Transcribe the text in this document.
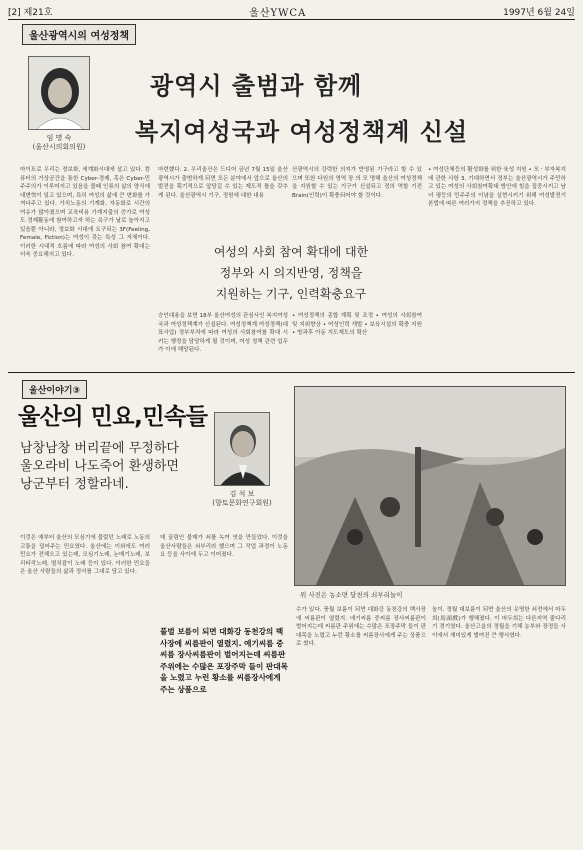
[2] 제21호	울산YWCA	1997년 6월 24일
울산광역시의 여성정책
임 명 숙
(울산시의회의원)
광역시 출범과 함께
복지여성국과 여성정책계 신설
마이트로 우리는 정보화, 세계화시대에 살고 있다. 컴퓨터의 가상공간을 통한 Cyber-경제, 혹은 Cyber-민주주의가 이루어지고 있음을 볼때 인류의 삶의 양식에 대변혁이 일고 있으며, 특히 여성의 삶에 큰 변화를 가져다주고 있다. 가치노동의 기계화, 자동화로 시간의 여유가 많아졌으며 교육비용 가계지출의 증가로 여성도 경제활동에 참여하고자 하는 욕구가 날로 높아지고 있음뿐 아니라, 정보화 시대에 요구되는 3F(Feeling, Female, Fiction)는 여성이 갖는 특성 그 자체이다. 이러한 시대적 흐름에 따라 여성의 사회 참여 확대는 더욱 중요해지고 있다.
마련했다. 2. 우리울산은 드디어 금년 7월 15일 울산광역시가 출범하게 되면 모든 분야에서 앞으로 울산의 발전을 획기적으로 앞당길 수 있는 제도적 틀을 갖추게 된다. 울산광역시 기구, 정원에 대한 내용
산광역시의 강력한 의지가 반영된 기구라고 할 수 있으며 또한 다원의 영역 장 의 모 명해 울산의 여성정책을 지원할 수 있는 기구가 신설되고 정의 역할 기전 Brain(인력)이 확충되어야 할 것이다.
• 여성단체등의 활성화를 위한 육성 지원 • 모ㆍ부자복지에 관한 사항 3. 기대하면서 정부는 울산광역시가 주민하고 있는 여성의 사회참여확대 방안에 힘을 집중시키고 남녀 평등의 민주주의 이념을 실현시키기 위해 여성발전기본법에 따른 여러가지 정책을 추진하고 있다.
여성의 사회 참여 확대에 대한
정부와 시 의지반영, 정책을
지원하는 기구, 인력확충요구
승인대용을 보면 18부 울산여성의 관심사인 복지여성국과 여성정책계가 신설된다. 여성정책계 여성정책(대표사업) 정부부처에 따라 여성의 사회참여를 확대 시키는 행정을 담당하게 될 것이며, 여성 정책 관련 업무가 이에 해당된다.
• 여성정책의 종합 계획 및 조정 • 여성의 사회참여 및 지위향상 • 여성인력 개발 • 보육시설의 확충 지원 • 방과후 아동 지도제도의 확산
울산이야기③
울산의 민요,민속들
남창남창 버리끝에 무정하다
울오라비 나도죽어 환생하면
낭군부터 정할라네.
김 석 보
(향토문화연구회원)
위 사진은 농소면 달천의 쇠부리놀이
이것은 예부터 울산의 모심기에 불렀던 노래로 노동의 고통을 덜어주는 민요였다. 울산에는 이외에도 여러 민요가 전해오고 있는데, 모심기노래, 논매기노래, 보리타작노래, 멸치잡이 노래 등이 있다. 이러한 민요들은 울산 사람들의 삶과 정서를 그대로 담고 있다.
데 끌림인 불매가 쇠를 녹여 엿을 만들었다. 이것을 울산사람들은 쇠부리라 했으며 그 작업 과정이 노동요 등을 사이에 두고 이어졌다.
풀벌 보름이 되면 대화강 동천강의 백사장에 씨름판이 열렸지. 애기씨름 중씨름 장사씨름판이 벌어지는데 씨름판 주위에는 수많은 포장주막 들이 판대목을 노렸고 누런 황소를 씨름장사에게 주는 상품으로
수가 있다. 풍월 보름이 되면 대화강 동천강의 백사장에 씨름판이 열렸지. 애기씨름 중씨름 장사씨름판이 벌어지는데 씨름판 주위에는 수많은 포장주막 들이 판대목을 노렸고 누런 황소를 씨름장사에게 주는 상품으로 썼다.
놀이. 정월 대보름이 되면 울산의 유명한 쇠전에서 마두희(馬頭戲)가 행해졌다. 이 마두희는 다른지역 줄다리기 경기였다. 울산고을의 정월을 기해 농부와 장정들 사이에서 재미있게 벌여진 큰 행사였다.
